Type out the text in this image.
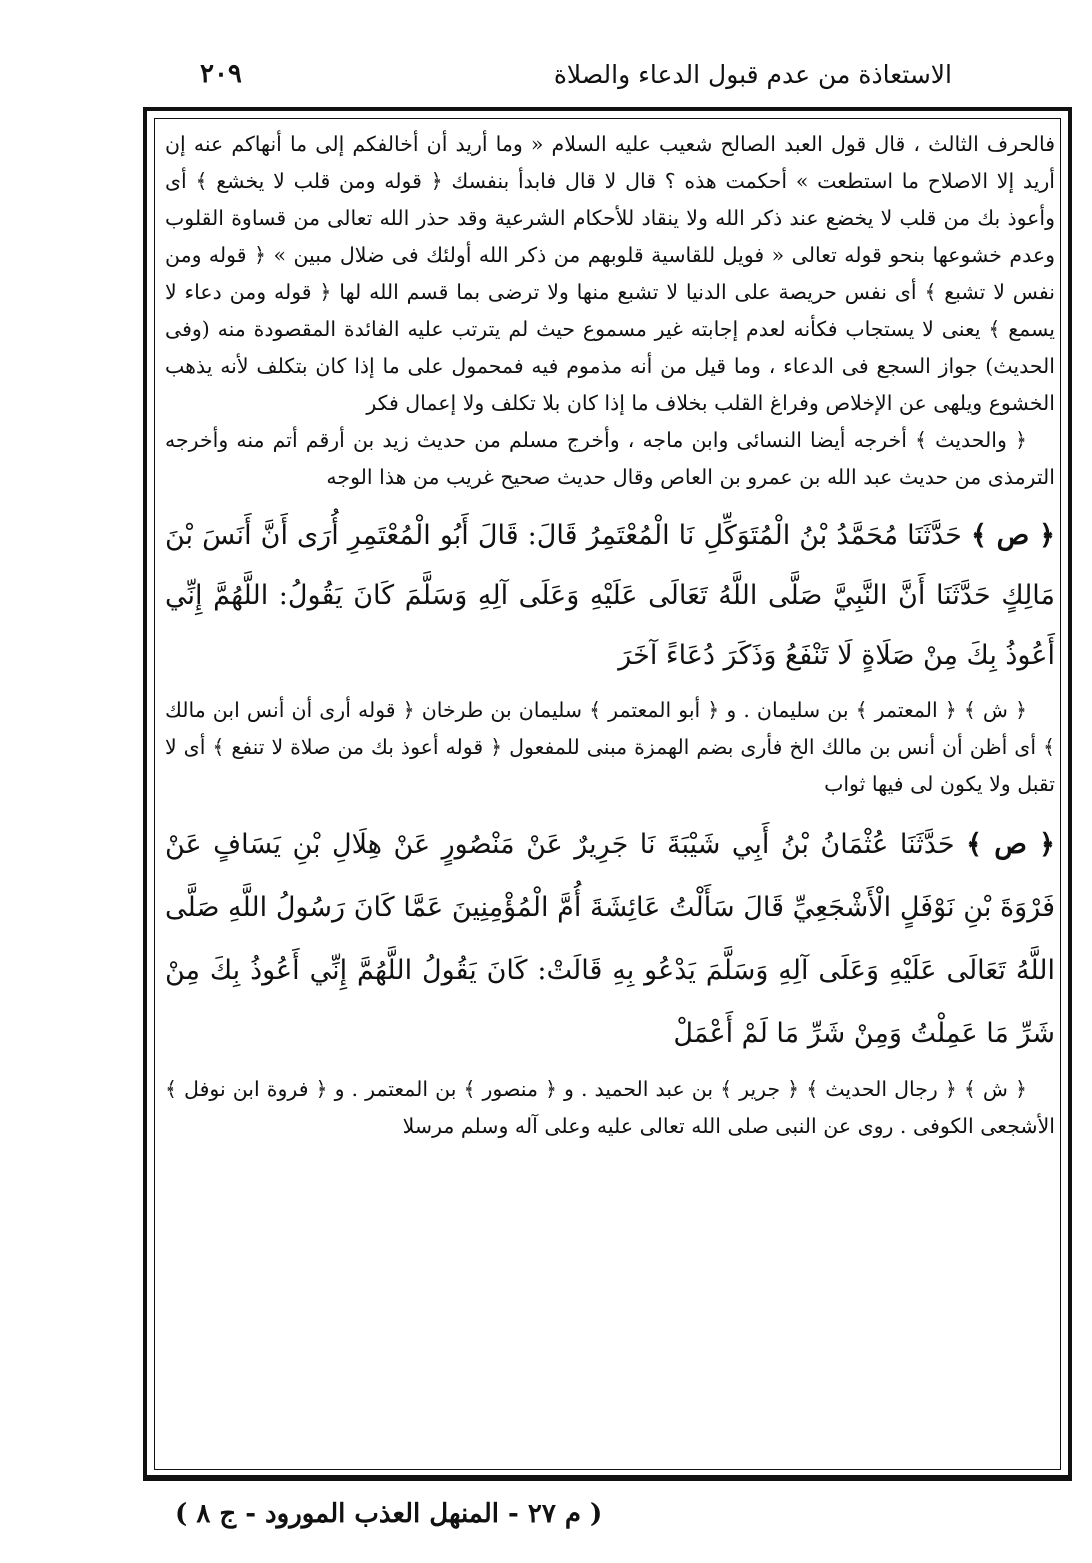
الاستعاذة من عدم قبول الدعاء والصلاة
٢٠٩

فالحرف الثالث ، قال قول العبد الصالح شعيب عليه السلام « وما أريد أن أخالفكم إلى ما أنهاكم عنه إن أريد إلا الاصلاح ما استطعت » أحكمت هذه ؟ قال لا قال فابدأ بنفسك ﴿ قوله ومن قلب لا يخشع ﴾ أى وأعوذ بك من قلب لا يخضع عند ذكر الله ولا ينقاد للأحكام الشرعية وقد حذر الله تعالى من قساوة القلوب وعدم خشوعها بنحو قوله تعالى « فويل للقاسية قلوبهم من ذكر الله أولئك فى ضلال مبين » ﴿ قوله ومن نفس لا تشبع ﴾ أى نفس حريصة على الدنيا لا تشبع منها ولا ترضى بما قسم الله لها ﴿ قوله ومن دعاء لا يسمع ﴾ يعنى لا يستجاب فكأنه لعدم إجابته غير مسموع حيث لم يترتب عليه الفائدة المقصودة منه (وفى الحديث) جواز السجع فى الدعاء ، وما قيل من أنه مذموم فيه فمحمول على ما إذا كان بتكلف لأنه يذهب الخشوع ويلهى عن الإخلاص وفراغ القلب بخلاف ما إذا كان بلا تكلف ولا إعمال فكر

﴿ والحديث ﴾ أخرجه أيضا النسائى وابن ماجه ، وأخرج مسلم من حديث زيد بن أرقم أتم منه وأخرجه الترمذى من حديث عبد الله بن عمرو بن العاص وقال حديث صحيح غريب من هذا الوجه

﴿ ص ﴾ حَدَّثَنَا مُحَمَّدُ بْنُ الْمُتَوَكِّلِ نَا الْمُعْتَمِرُ قَالَ: قَالَ أَبُو الْمُعْتَمِرِ أُرَى أَنَّ أَنَسَ بْنَ مَالِكٍ حَدَّثَنَا أَنَّ النَّبِيَّ صَلَّى اللَّهُ تَعَالَى عَلَيْهِ وَعَلَى آلِهِ وَسَلَّمَ كَانَ يَقُولُ: اللَّهُمَّ إِنِّي أَعُوذُ بِكَ مِنْ صَلَاةٍ لَا تَنْفَعُ وَذَكَرَ دُعَاءً آخَرَ

﴿ ش ﴾ ﴿ المعتمر ﴾ بن سليمان . و ﴿ أبو المعتمر ﴾ سليمان بن طرخان ﴿ قوله أرى أن أنس ابن مالك ﴾ أى أظن أن أنس بن مالك الخ فأرى بضم الهمزة مبنى للمفعول ﴿ قوله أعوذ بك من صلاة لا تنفع ﴾ أى لا تقبل ولا يكون لى فيها ثواب

﴿ ص ﴾ حَدَّثَنَا عُثْمَانُ بْنُ أَبِي شَيْبَةَ نَا جَرِيرٌ عَنْ مَنْصُورٍ عَنْ هِلَالِ بْنِ يَسَافٍ عَنْ فَرْوَةَ بْنِ نَوْفَلٍ الْأَشْجَعِيِّ قَالَ سَأَلْتُ عَائِشَةَ أُمَّ الْمُؤْمِنِينَ عَمَّا كَانَ رَسُولُ اللَّهِ صَلَّى اللَّهُ تَعَالَى عَلَيْهِ وَعَلَى آلِهِ وَسَلَّمَ يَدْعُو بِهِ قَالَتْ: كَانَ يَقُولُ اللَّهُمَّ إِنِّي أَعُوذُ بِكَ مِنْ شَرِّ مَا عَمِلْتُ وَمِنْ شَرِّ مَا لَمْ أَعْمَلْ

﴿ ش ﴾ ﴿ رجال الحديث ﴾ ﴿ جرير ﴾ بن عبد الحميد . و ﴿ منصور ﴾ بن المعتمر . و ﴿ فروة ابن نوفل ﴾ الأشجعى الكوفى . روى عن النبى صلى الله تعالى عليه وعلى آله وسلم مرسلا

( م ٢٧ - المنهل العذب المورود - ج ٨ )
